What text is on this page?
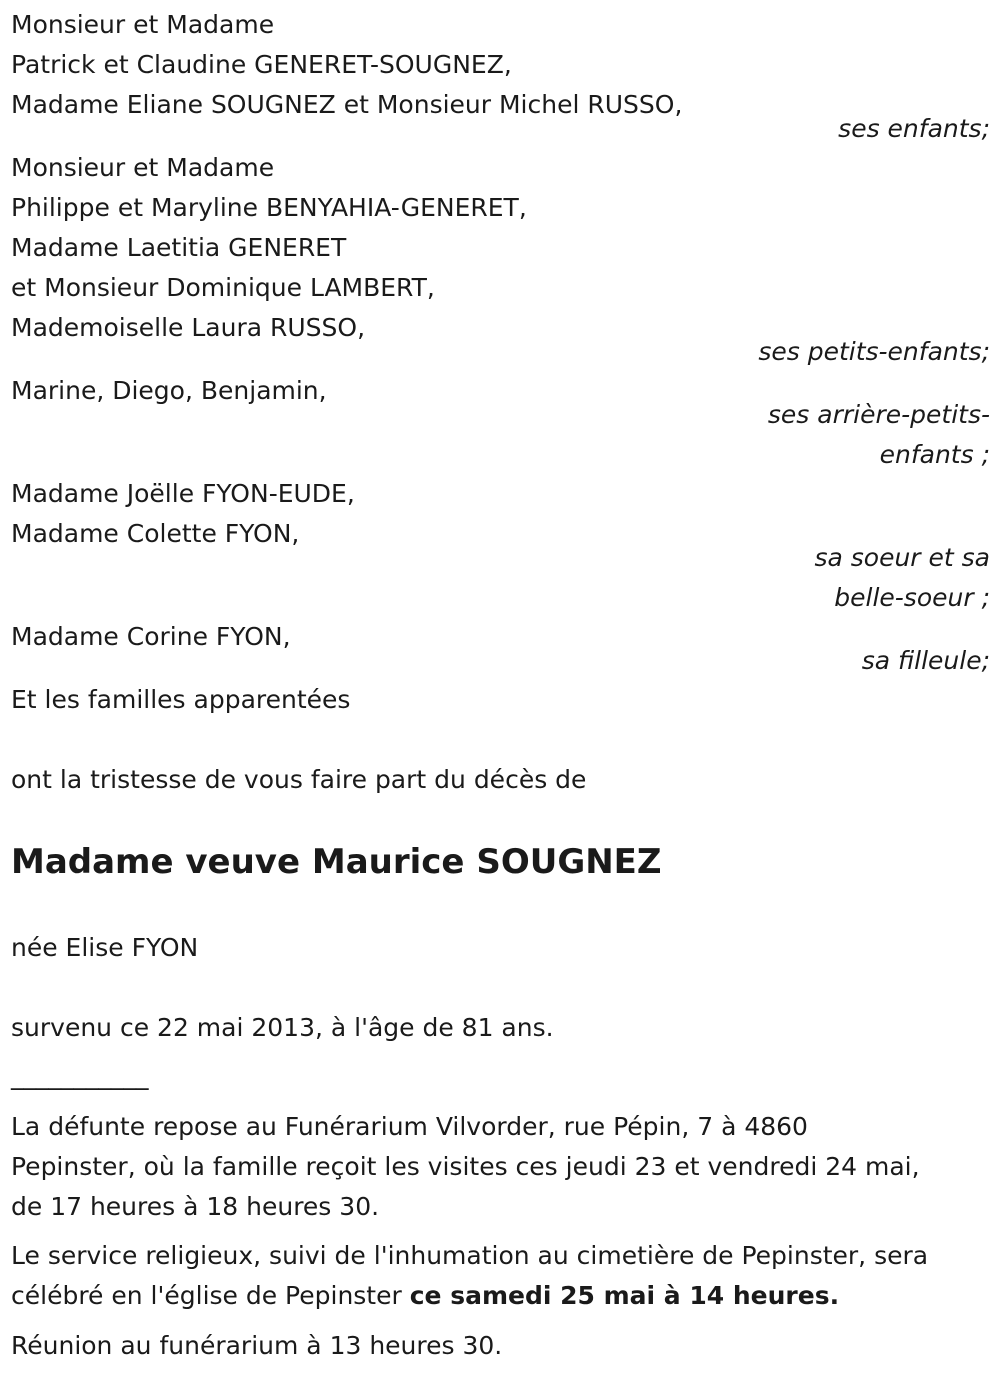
Monsieur et Madame
Patrick et Claudine GENERET-SOUGNEZ,
Madame Eliane SOUGNEZ et Monsieur Michel RUSSO,
ses enfants;
Monsieur et Madame
Philippe et Maryline BENYAHIA-GENERET,
Madame Laetitia GENERET
et Monsieur Dominique LAMBERT,
Mademoiselle Laura RUSSO,
ses petits-enfants;
Marine, Diego, Benjamin,
ses arrière-petits-
enfants ;
Madame Joëlle FYON-EUDE,
Madame Colette FYON,
sa soeur et sa
belle-soeur ;
Madame Corine FYON,
sa filleule;
Et les familles apparentées
ont la tristesse de vous faire part du décès de
Madame veuve Maurice SOUGNEZ
née Elise FYON
survenu ce 22 mai 2013, à l'âge de 81 ans.
___________
La défunte repose au Funérarium Vilvorder, rue Pépin, 7 à 4860
Pepinster, où la famille reçoit les visites ces jeudi 23 et vendredi 24 mai,
de 17 heures à 18 heures 30.
Le service religieux, suivi de l'inhumation au cimetière de Pepinster, sera
célébré en l'église de Pepinster ce samedi 25 mai à 14 heures.
Réunion au funérarium à 13 heures 30.
